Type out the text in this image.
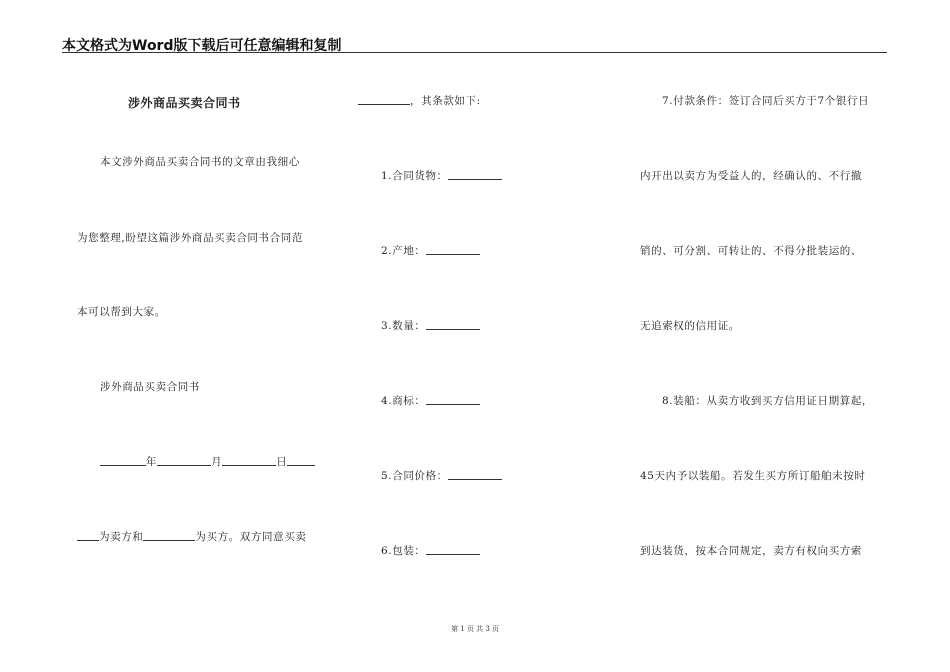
本文格式为Word版下载后可任意编辑和复制
涉外商品买卖合同书
本文涉外商品买卖合同书的文章由我细心
为您整理,盼望这篇涉外商品买卖合同书合同范
本可以帮到大家。
涉外商品买卖合同书
年	月	日
为卖方和	为买方。双方同意买卖
，其条款如下:
1.合同货物：
2.产地：
3.数量：
4.商标：
5.合同价格：
6.包装：
7.付款条件：签订合同后买方于7个银行日
内开出以卖方为受益人的，经确认的、不行撤
销的、可分割、可转让的、不得分批装运的、
无追索权的信用证。
8.装船：从卖方收到买方信用证日期算起，
45天内予以装船。若发生买方所订船舶未按时
到达装货，按本合同规定，卖方有权向买方索
第 1 页 共 3 页
